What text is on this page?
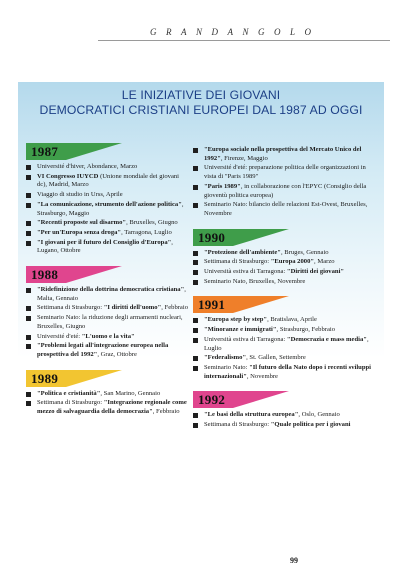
GRANDANGOLO
LE INIZIATIVE DEI GIOVANI
DEMOCRATICI CRISTIANI EUROPEI DAL 1987 AD OGGI
1987
Université d'hiver, Abondance, Marzo
VI Congresso IUYCD (Unione mondiale dei giovani dc), Madrid, Marzo
Viaggio di studio in Urss, Aprile
"La comunicazione, strumento dell'azione politica", Strasburgo, Maggio
"Recenti proposte sul disarmo", Bruxelles, Giugno
"Per un'Europa senza droga", Tarragona, Luglio
"I giovani per il futuro del Consiglio d'Europa", Lugano, Ottobre
1988
"Ridefinizione della dottrina democratica cristiana", Malta, Gennaio
Settimana di Strasburgo: "I diritti dell'uomo", Febbraio
Seminario Nato: la riduzione degli armamenti nucleari, Bruxelles, Giugno
Université d'eté: "L'uomo e la vita"
"Problemi legati all'integrazione europea nella prospettiva del 1992", Graz, Ottobre
1989
"Politica e cristianità", San Marino, Gennaio
Settimana di Strasburgo: "Integrazione regionale come mezzo di salvaguardia della democrazia", Febbraio
"Europa sociale nella prospettiva del Mercato Unico del 1992", Firenze, Maggio
Université d'eté: preparazione politica delle organizzazioni in vista di "Paris 1989"
"Paris 1989", in collaborazione con l'EPYC (Consiglio della gioventù politica europea)
Seminario Nato: bilancio delle relazioni Est-Ovest, Bruxelles, Novembre
1990
"Protezione dell'ambiente", Bruges, Gennaio
Settimana di Strasburgo: "Europa 2000", Marzo
Università estiva di Tarragona: "Diritti dei giovani"
Seminario Nato, Bruxelles, Novembre
1991
"Europa step by step", Bratislava, Aprile
"Minoranze e immigrati", Strasburgo, Febbraio
Università estiva di Tarragona: "Democrazia e mass media", Luglio
"Federalismo", St. Gallen, Settembre
Seminario Nato: "Il futuro della Nato dopo i recenti sviluppi internazionali", Novembre
1992
"Le basi della struttura europea", Oslo, Gennaio
Settimana di Strasburgo: "Quale politica per i giovani
99
